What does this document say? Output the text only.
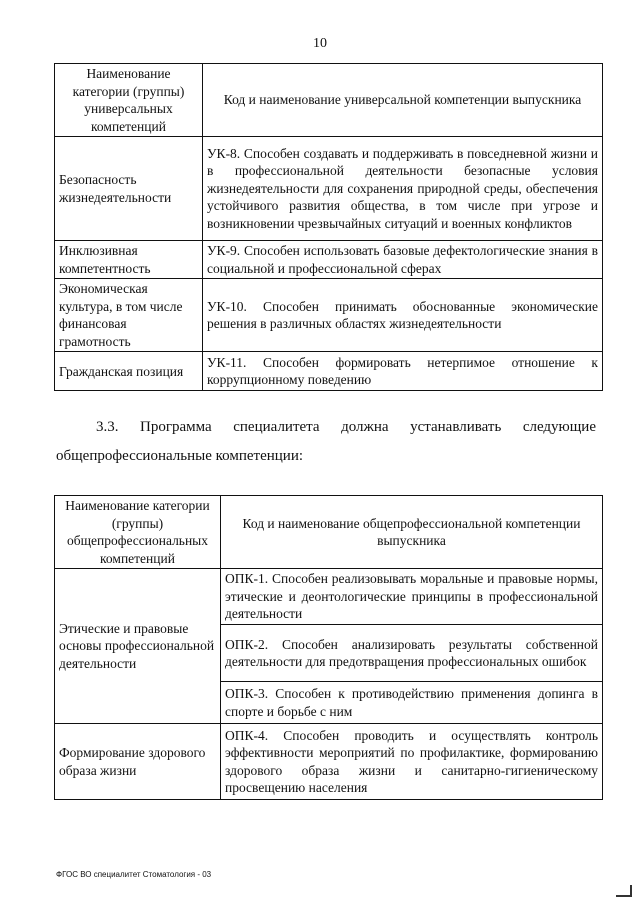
10
Наименование категории (группы) универсальных компетенций	Код и наименование универсальной компетенции выпускника
Безопасность жизнедеятельности	УК-8. Способен создавать и поддерживать в повседневной жизни и в профессиональной деятельности безопасные условия жизнедеятельности для сохранения природной среды, обеспечения устойчивого развития общества, в том числе при угрозе и возникновении чрезвычайных ситуаций и военных конфликтов
Инклюзивная компетентность	УК-9. Способен использовать базовые дефектологические знания в социальной и профессиональной сферах
Экономическая культура, в том числе финансовая грамотность	УК-10. Способен принимать обоснованные экономические решения в различных областях жизнедеятельности
Гражданская позиция	УК-11. Способен формировать нетерпимое отношение к коррупционному поведению
3.3. Программа специалитета должна устанавливать следующие
общепрофессиональные компетенции:
Наименование категории (группы) общепрофессиональных компетенций	Код и наименование общепрофессиональной компетенции выпускника
Этические и правовые основы профессиональной деятельности	ОПК-1. Способен реализовывать моральные и правовые нормы, этические и деонтологические принципы в профессиональной деятельности
	ОПК-2. Способен анализировать результаты собственной деятельности для предотвращения профессиональных ошибок
	ОПК-3. Способен к противодействию применения допинга в спорте и борьбе с ним
Формирование здорового образа жизни	ОПК-4. Способен проводить и осуществлять контроль эффективности мероприятий по профилактике, формированию здорового образа жизни и санитарно-гигиеническому просвещению населения
ФГОС ВО специалитет Стоматология - 03
